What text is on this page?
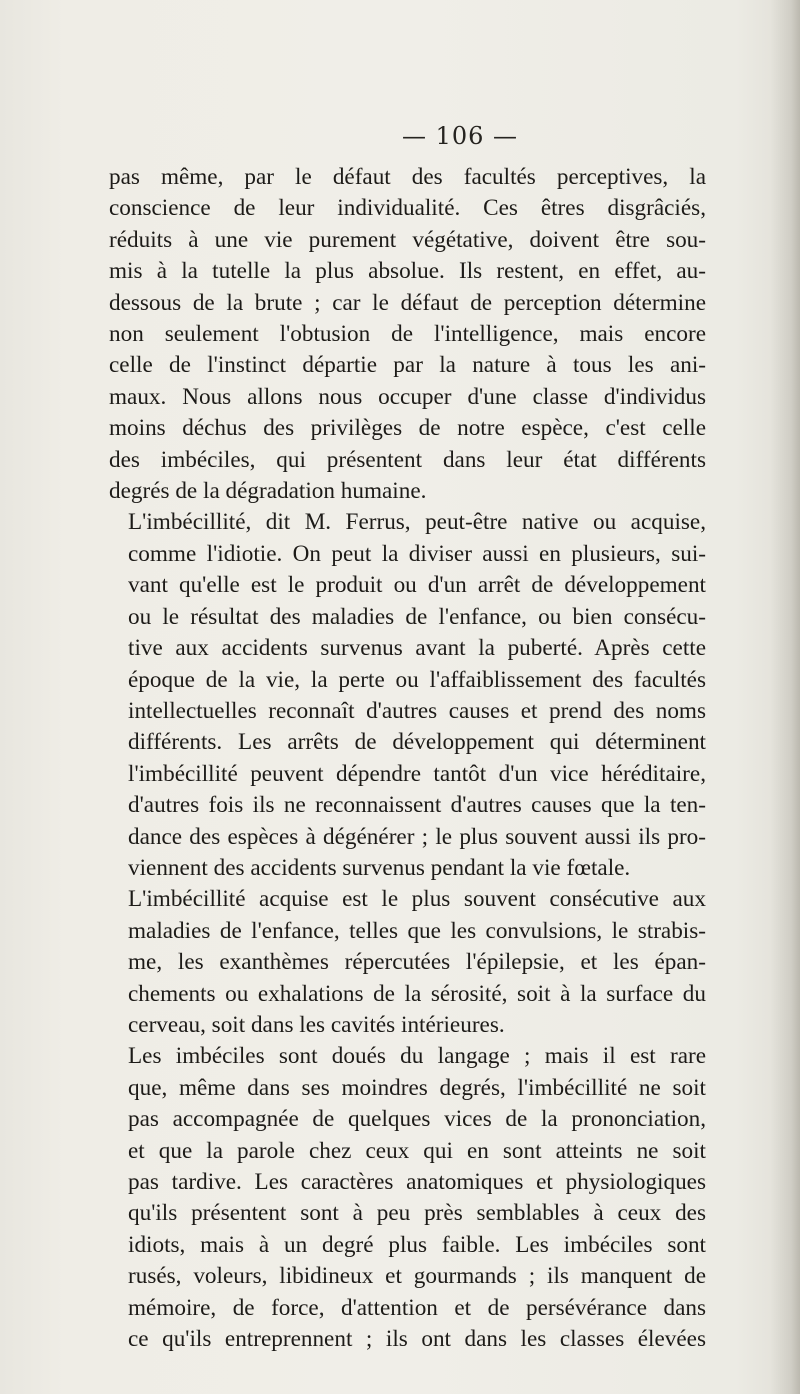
— 106 —

pas même, par le défaut des facultés perceptives, la
conscience de leur individualité. Ces êtres disgrâciés,
réduits à une vie purement végétative, doivent être sou-
mis à la tutelle la plus absolue. Ils restent, en effet, au-
dessous de la brute ; car le défaut de perception détermine
non seulement l'obtusion de l'intelligence, mais encore
celle de l'instinct départie par la nature à tous les ani-
maux. Nous allons nous occuper d'une classe d'individus
moins déchus des privilèges de notre espèce, c'est celle
des imbéciles, qui présentent dans leur état différents
degrés de la dégradation humaine.

L'imbécillité, dit M. Ferrus, peut-être native ou acquise,
comme l'idiotie. On peut la diviser aussi en plusieurs, sui-
vant qu'elle est le produit ou d'un arrêt de développement
ou le résultat des maladies de l'enfance, ou bien consécu-
tive aux accidents survenus avant la puberté. Après cette
époque de la vie, la perte ou l'affaiblissement des facultés
intellectuelles reconnaît d'autres causes et prend des noms
différents. Les arrêts de développement qui déterminent
l'imbécillité peuvent dépendre tantôt d'un vice héréditaire,
d'autres fois ils ne reconnaissent d'autres causes que la ten-
dance des espèces à dégénérer ; le plus souvent aussi ils pro-
viennent des accidents survenus pendant la vie fœtale.

L'imbécillité acquise est le plus souvent consécutive aux
maladies de l'enfance, telles que les convulsions, le strabis-
me, les exanthèmes répercutées l'épilepsie, et les épan-
chements ou exhalations de la sérosité, soit à la surface du
cerveau, soit dans les cavités intérieures.

Les imbéciles sont doués du langage ; mais il est rare
que, même dans ses moindres degrés, l'imbécillité ne soit
pas accompagnée de quelques vices de la prononciation,
et que la parole chez ceux qui en sont atteints ne soit
pas tardive. Les caractères anatomiques et physiologiques
qu'ils présentent sont à peu près semblables à ceux des
idiots, mais à un degré plus faible. Les imbéciles sont
rusés, voleurs, libidineux et gourmands ; ils manquent de
mémoire, de force, d'attention et de persévérance dans
ce qu'ils entreprennent ; ils ont dans les classes élevées
